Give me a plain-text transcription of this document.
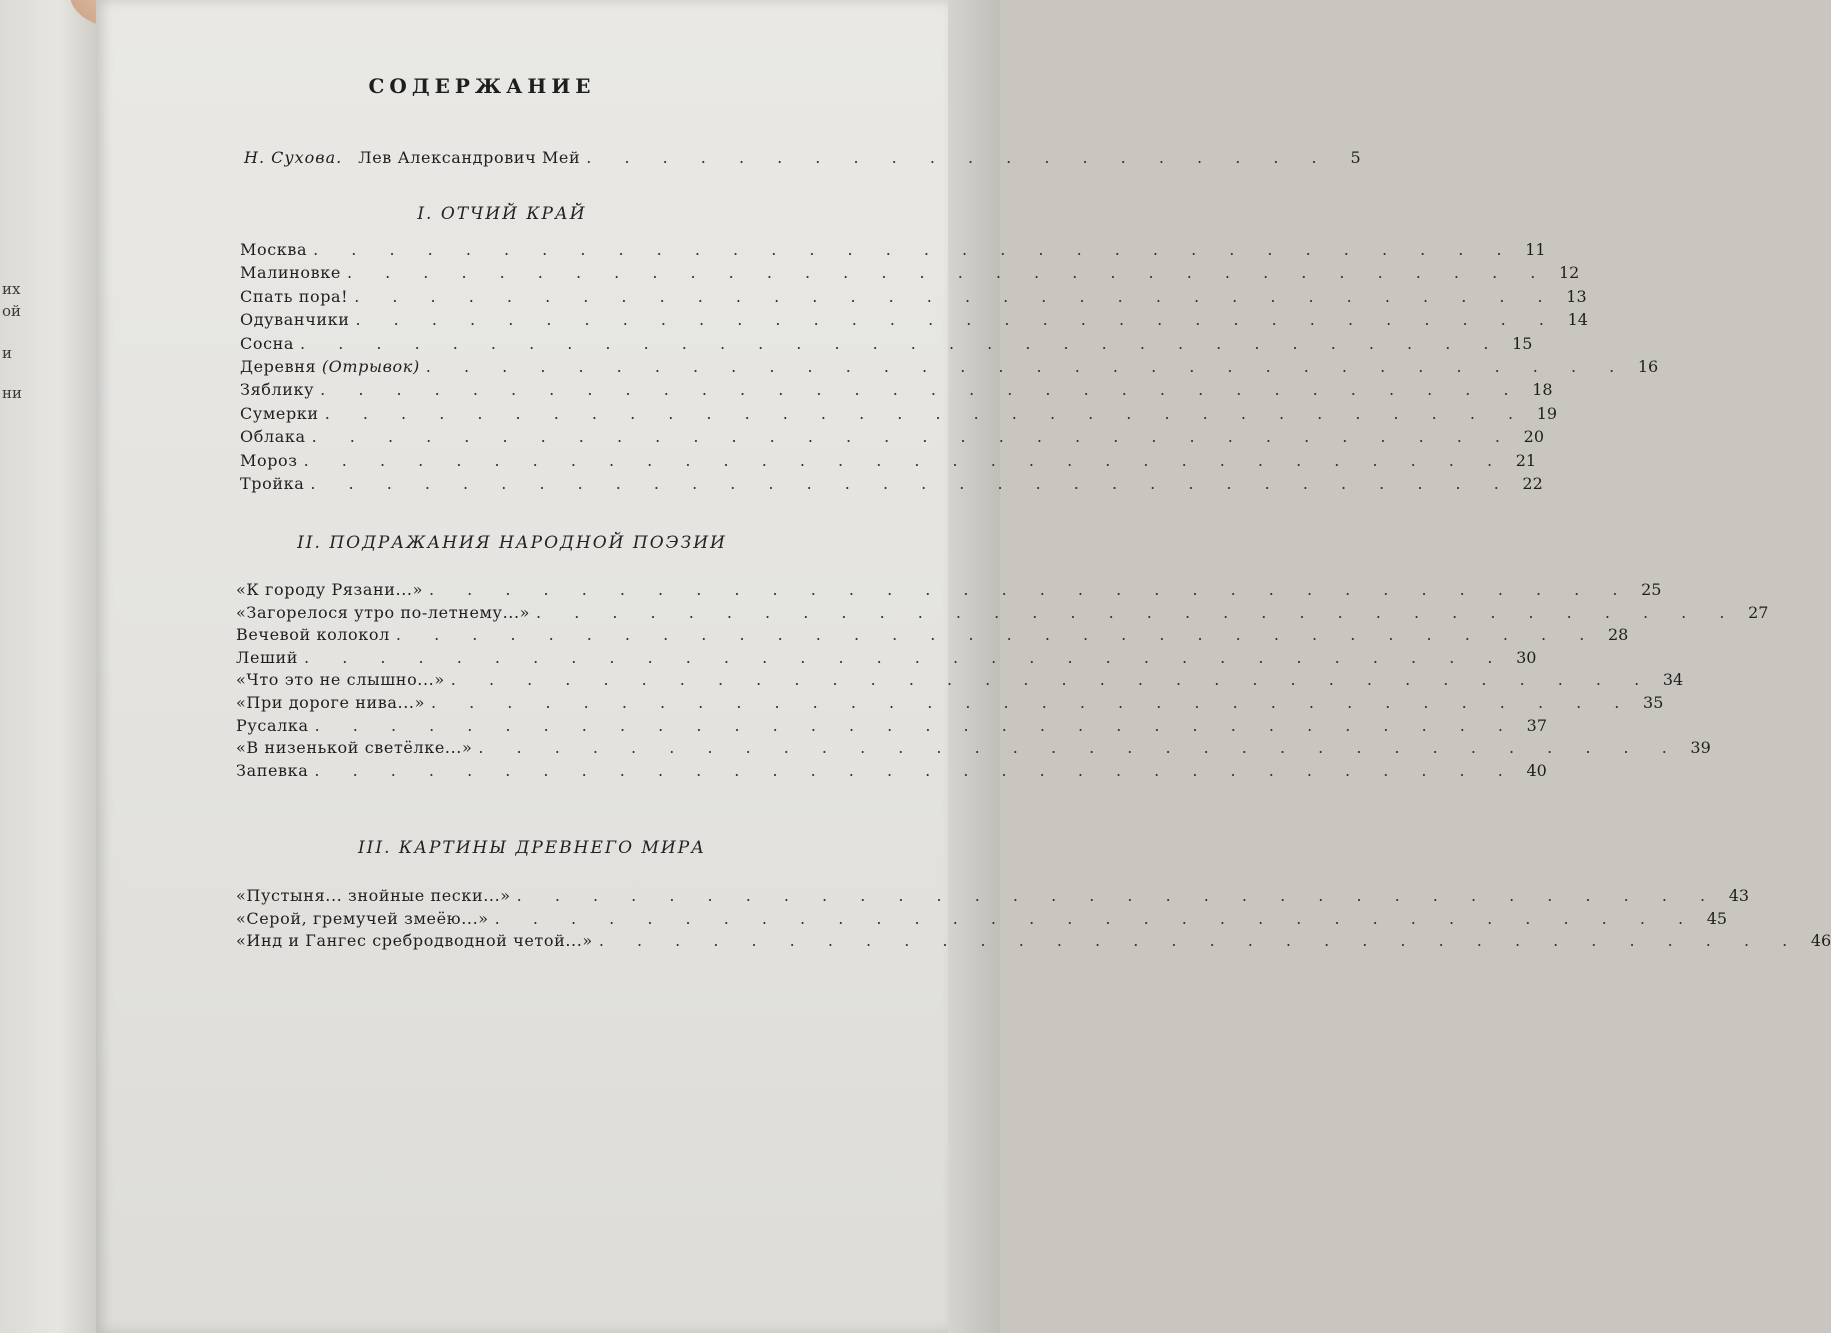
их
ой
и
ни
СОДЕРЖАНИЕ
Н. Сухова. Лев Александрович Мей . . . . . . . . . . . . . . . . . . . .	5
I. ОТЧИЙ КРАЙ
Москва . . . . . . . . . . . . . . . . . . . . . . . . . . . . . . . . 11
Малиновке . . . . . . . . . . . . . . . . . . . . . . . . . . . . . . . . 12
Спать пора! . . . . . . . . . . . . . . . . . . . . . . . . . . . . . . . . 13
Одуванчики . . . . . . . . . . . . . . . . . . . . . . . . . . . . . . . . 14
Сосна . . . . . . . . . . . . . . . . . . . . . . . . . . . . . . . . 15
Деревня (Отрывок) . . . . . . . . . . . . . . . . . . . . . . . . . . . . . . . . 16
Зяблику . . . . . . . . . . . . . . . . . . . . . . . . . . . . . . . . 18
Сумерки . . . . . . . . . . . . . . . . . . . . . . . . . . . . . . . . 19
Облака . . . . . . . . . . . . . . . . . . . . . . . . . . . . . . . . 20
Мороз . . . . . . . . . . . . . . . . . . . . . . . . . . . . . . . . 21
Тройка . . . . . . . . . . . . . . . . . . . . . . . . . . . . . . . . 22
II. ПОДРАЖАНИЯ НАРОДНОЙ ПОЭЗИИ
«К городу Рязани...» . . . . . . . . . . . . . . . . . . . . . . . . . . . . . . . . 25
«Загорелося утро по-летнему...» . . . . . . . . . . . . . . . . . . . . . . . . . . . . . . . . 27
Вечевой колокол . . . . . . . . . . . . . . . . . . . . . . . . . . . . . . . . 28
Леший . . . . . . . . . . . . . . . . . . . . . . . . . . . . . . . . 30
«Что это не слышно...» . . . . . . . . . . . . . . . . . . . . . . . . . . . . . . . . 34
«При дороге нива...» . . . . . . . . . . . . . . . . . . . . . . . . . . . . . . . . 35
Русалка . . . . . . . . . . . . . . . . . . . . . . . . . . . . . . . . 37
«В низенькой светёлке...» . . . . . . . . . . . . . . . . . . . . . . . . . . . . . . . . 39
Запевка . . . . . . . . . . . . . . . . . . . . . . . . . . . . . . . . 40
III. КАРТИНЫ ДРЕВНЕГО МИРА
«Пустыня... знойные пески...» . . . . . . . . . . . . . . . . . . . . . . . . . . . . . . . . 43
«Серой, гремучей змеёю...» . . . . . . . . . . . . . . . . . . . . . . . . . . . . . . . . 45
«Инд и Гангес сребродводной четой...» . . . . . . . . . . . . . . . . . . . . . . . . . . . . . . . . 46
